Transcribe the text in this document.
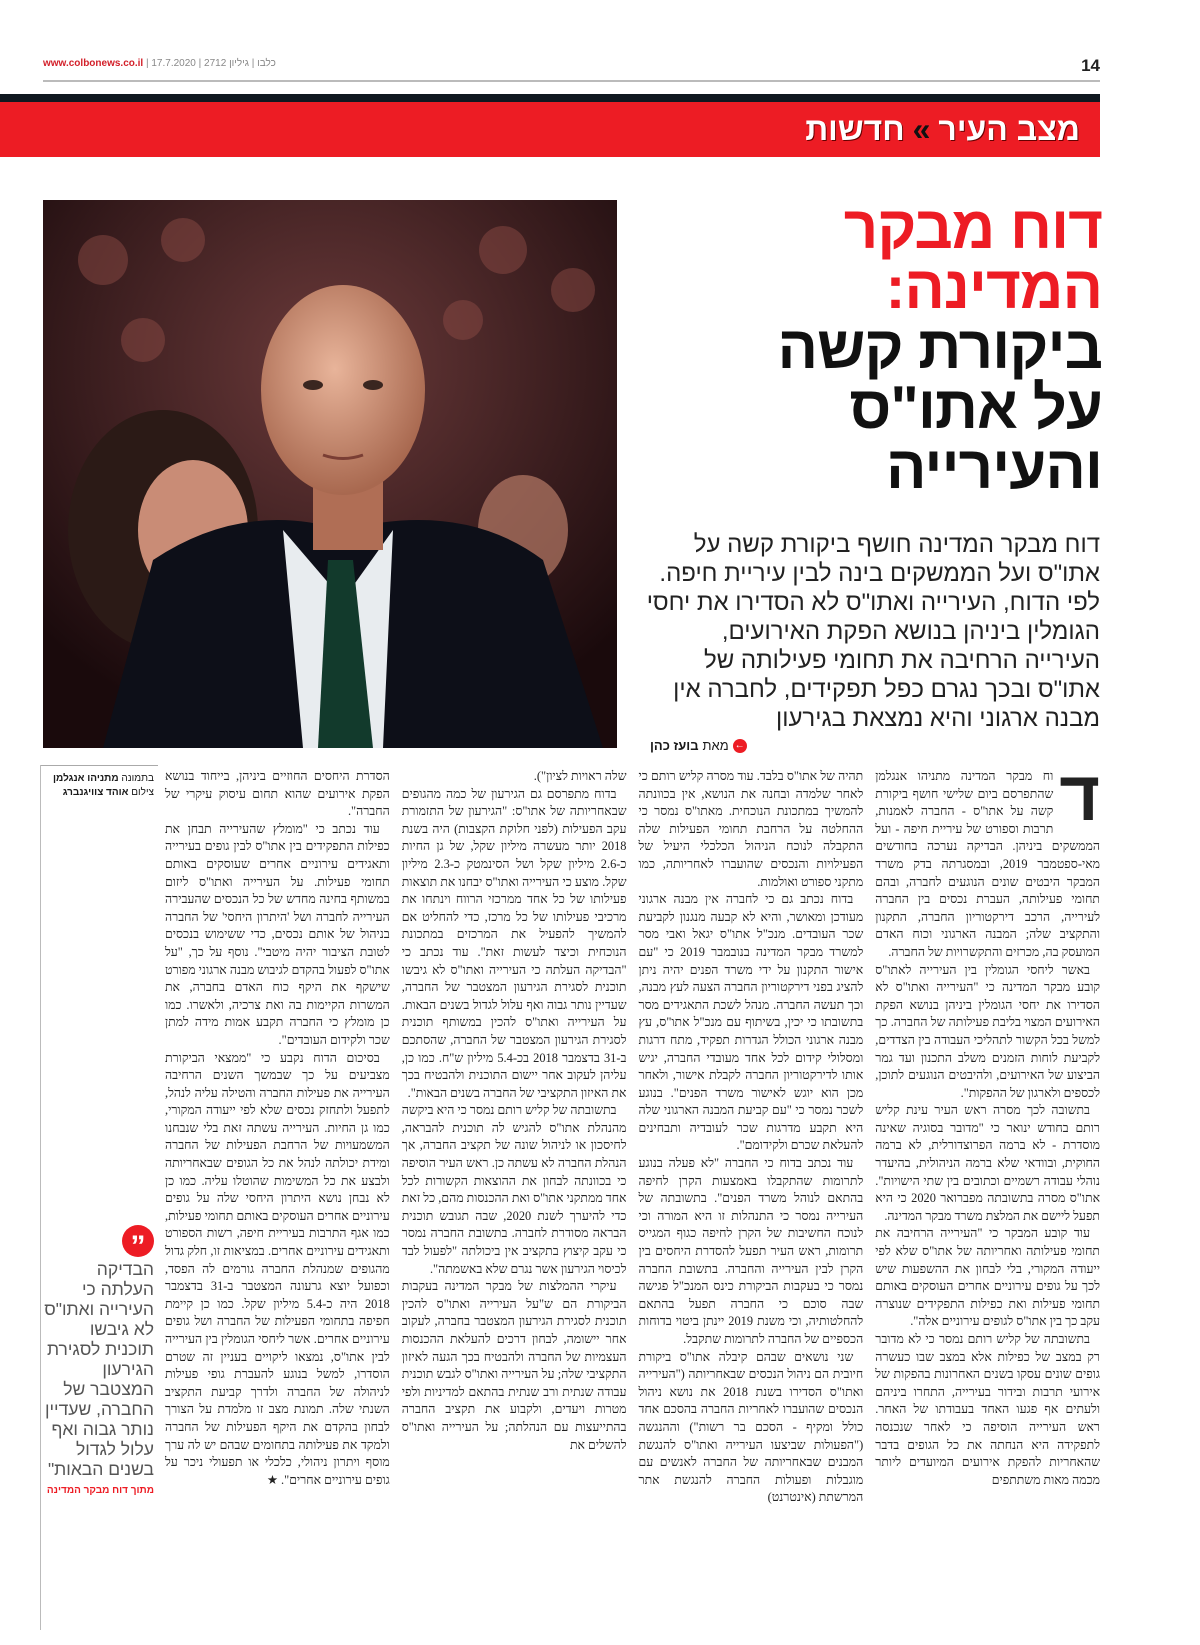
www.colbonews.co.il |	כלבו | גיליון 2712 | 17.7.2020	14
מצב העיר
»
חדשות
דוח מבקר
המדינה:
ביקורת קשה
על אתו"ס
והעירייה
דוח מבקר המדינה חושף ביקורת קשה על אתו"ס ועל הממשקים בינה לבין עיריית חיפה. לפי הדוח, העירייה ואתו"ס לא הסדירו את יחסי הגומלין ביניהן בנושא הפקת האירועים, העירייה הרחיבה את תחומי פעילותה של אתו"ס ובכך נגרם כפל תפקידים, לחברה אין מבנה ארגוני והיא נמצאת בגירעון
←
מאת
בועז כהן
ד

וח מבקר המדינה מתניהו אנגלמן שהתפרסם ביום שלישי חושף ביקורת קשה על אתו"ס - החברה לאמנות, תרבות וספורט של עיריית חיפה - ועל הממשקים ביניהן. הבדיקה נערכה בחודשים מאי-ספטמבר 2019, ובמסגרתה בדק משרד המבקר היבטים שונים הנוגעים לחברה, ובהם תחומי פעילותה, העברת נכסים בין החברה לעירייה, הרכב דירקטוריון החברה, התקנון והתקציב שלה; המבנה הארגוני וכוח האדם המועסק בה, מכרזים והתקשרויות של החברה.

באשר ליחסי הגומלין בין העירייה לאתו"ס קובע מבקר המדינה כי "העירייה ואתו"ס לא הסדירו את יחסי הגומלין ביניהן בנושא הפקת האירועים המצוי בליבת פעילותה של החברה. כך למשל בכל הקשור לתהליכי העבודה בין הצדדים, לקביעת לוחות הזמנים משלב התכנון ועד גמר הביצוע של האירועים, ולהיבטים הנוגעים לתוכן, לכספים ולארגון של ההפקות".

בתשובה לכך מסרה ראש העיר עינת קליש רותם בחודש ינואר כי "מדובר בסוגיה שאינה מוסדרת - לא ברמה הפרוצדורלית, לא ברמה החוקית, ובוודאי שלא ברמה הניהולית, בהיעדר נוהלי עבודה רשמיים וכתובים בין שתי הישויות". אתו"ס מסרה בתשובתה מפברואר 2020 כי היא תפעל ליישם את המלצת משרד מבקר המדינה.

עוד קובע המבקר כי "העירייה הרחיבה את תחומי פעילותה ואחריותה של אתו"ס שלא לפי ייעודה המקורי, בלי לבחון את ההשפעות שיש לכך על גופים עירוניים אחרים העוסקים באותם תחומי פעילות ואת כפילות התפקידים שנוצרה עקב כך בין אתו"ס לגופים עירוניים אלה".

בתשובתה של קליש רותם נמסר כי לא מדובר רק במצב של כפילות אלא במצב שבו כעשרה גופים שונים עסקו בשנים האחרונות בהפקות של אירועי תרבות ובידור בעירייה, התחרו ביניהם ולעתים אף פגעו האחד בעבודתו של האחר. ראש העירייה הוסיפה כי לאחר שנכנסה לתפקידה היא הנחתה את כל הגופים בדבר שהאחריות להפקת אירועים המיועדים ליותר מכמה מאות משתתפים

תהיה של אתו"ס בלבד. עוד מסרה קליש רותם כי לאחר שלמדה ובחנה את הנושא, אין בכוונתה להמשיך במתכונת הנוכחית. מאתו"ס נמסר כי ההחלטה על הרחבת תחומי הפעילות שלה התקבלה לנוכח הניהול הכלכלי היעיל של הפעילויות והנכסים שהועברו לאחריותה, כמו מתקני ספורט ואולמות.

בדוח נכתב גם כי לחברה אין מבנה ארגוני מעודכן ומאושר, והיא לא קבעה מנגנון לקביעת שכר העובדים. מנכ"ל אתו"ס יגאל ואבי מסר למשרד מבקר המדינה בנובמבר 2019 כי "עם אישור התקנון על ידי משרד הפנים יהיה ניתן להציג בפני דירקטוריון החברה הצעה לעץ מבנה, וכך תעשה החברה. מנהל לשכת התאגידים מסר בתשובתו כי יכין, בשיתוף עם מנכ"ל אתו"ס, עץ מבנה ארגוני הכולל הגדרות תפקיד, מתח דרגות ומסלולי קידום לכל אחד מעובדי החברה, יגיש אותו לדירקטוריון החברה לקבלת אישור, ולאחר מכן הוא יוגש לאישור משרד הפנים". בנוגע לשכר נמסר כי "עם קביעת המבנה הארגוני שלה היא תקבע מדרגות שכר לעובדיה ותבחינים להעלאת שכרם ולקידומם".

עוד נכתב בדוח כי החברה "לא פעלה בנוגע לתרומות שהתקבלו באמצעות הקרן לחיפה בהתאם לנוהל משרד הפנים". בתשובתה של העירייה נמסר כי התנהלות זו היא המורה וכי לנוכח החשיבות של הקרן לחיפה כגוף המגייס תרומות, ראש העיר תפעל להסדרת היחסים בין הקרן לבין העירייה והחברה. בתשובת החברה נמסר כי בעקבות הביקורת כינס המנכ"ל פגישה שבה סוכם כי החברה תפעל בהתאם להחלטותיה, וכי משנת 2019 יינתן ביטוי בדוחות הכספיים של החברה לתרומות שתקבל.

שני נושאים שבהם קיבלה אתו"ס ביקורת חיובית הם ניהול הנכסים שבאחריותה ("העירייה ואתו"ס הסדירו בשנת 2018 את נושא ניהול הנכסים שהועברו לאחריות החברה בהסכם אחד כולל ומקיף - הסכם בר רשות") וההנגשה ("הפעולות שביצעו העירייה ואתו"ס להנגשת המבנים שבאחריותה של החברה לאנשים עם מוגבלות ופעולות החברה להנגשת אתר המרשתת (אינטרנט)

שלה ראויות לציון").

בדוח מתפרסם גם הגירעון של כמה מהגופים שבאחריותה של אתו"ס: "הגירעון של התזמורת עקב הפעילות (לפני חלוקת הקצבות) היה בשנת 2018 יותר מעשרה מיליון שקל, של גן החיות כ-2.6 מיליון שקל ושל הסינמטק כ-2.3 מיליון שקל. מוצע כי העירייה ואתו"ס יבחנו את תוצאות פעילותו של כל אחד ממרכזי הרווח וינתחו את מרכיבי פעילותו של כל מרכז, כדי להחליט אם להמשיך להפעיל את המרכזים במתכונת הנוכחית וכיצד לעשות זאת". עוד נכתב כי "הבדיקה העלתה כי העירייה ואתו"ס לא גיבשו תוכנית לסגירת הגירעון המצטבר של החברה, שעדיין נותר גבוה ואף עלול לגדול בשנים הבאות. על העירייה ואתו"ס להכין במשותף תוכנית לסגירת הגירעון המצטבר של החברה, שהסתכם ב-31 בדצמבר 2018 בכ-5.4 מיליון ש"ח. כמו כן, עליהן לעקוב אחר יישום התוכנית ולהבטיח בכך את האיזון התקציבי של החברה בשנים הבאות".

בתשובתה של קליש רותם נמסר כי היא ביקשה מהנהלת אתו"ס להגיש לה תוכנית להבראה, לחיסכון או לניהול שונה של תקציב החברה, אך הנהלת החברה לא עשתה כן. ראש העיר הוסיפה כי בכוונתה לבחון את ההוצאות הקשורות לכל אחד ממתקני אתו"ס ואת ההכנסות מהם, כל זאת כדי להיערך לשנת 2020, שבה תגובש תוכנית הבראה מסודרת לחברה. בתשובת החברה נמסר כי עקב קיצוץ בתקציב אין ביכולתה "לפעול לבד לכיסוי הגירעון אשר נגרם שלא באשמתה".

עיקרי ההמלצות של מבקר המדינה בעקבות הביקורת הם ש"על העירייה ואתו"ס להכין תוכנית לסגירת הגירעון המצטבר בחברה, לעקוב אחר יישומה, לבחון דרכים להעלאת ההכנסות העצמיות של החברה ולהבטיח בכך הגעה לאיזון התקציבי שלה; על העירייה ואתו"ס לגבש תוכנית עבודה שנתית ורב שנתית בהתאם למדיניות ולפי מטרות ויעדים, ולקבוע את תקציב החברה בהתייעצות עם הנהלתה; על העירייה ואתו"ס להשלים את

הסדרת היחסים החוזיים ביניהן, בייחוד בנושא הפקת אירועים שהוא תחום עיסוק עיקרי של החברה".

עוד נכתב כי "מומלץ שהעירייה תבחן את כפילות התפקידים בין אתו"ס לבין גופים בעירייה ותאגידים עירוניים אחרים שעוסקים באותם תחומי פעילות. על העירייה ואתו"ס ליזום במשותף בחינה מחדש של כל הנכסים שהעבירה העירייה לחברה ושל 'היתרון היחסי' של החברה בניהול של אותם נכסים, כדי ששימוש בנכסים לטובת הציבור יהיה מיטבי". נוסף על כך, "על אתו"ס לפעול בהקדם לגיבוש מבנה ארגוני מפורט שישקף את היקף כוח האדם בחברה, את המשרות הקיימות בה ואת צרכיה, ולאשרו. כמו כן מומלץ כי החברה תקבע אמות מידה למתן שכר ולקידום העובדים".

בסיכום הדוח נקבע כי "ממצאי הביקורת מצביעים על כך שבמשך השנים הרחיבה העירייה את פעילות החברה והטילה עליה לנהל, לתפעל ולתחזק נכסים שלא לפי ייעודה המקורי, כמו גן החיות. העירייה עשתה זאת בלי שנבחנו המשמעויות של הרחבת הפעילות של החברה ומידת יכולתה לנהל את כל הגופים שבאחריותה ולבצע את כל המשימות שהוטלו עליה. כמו כן לא נבחן נושא היתרון היחסי שלה על גופים עירוניים אחרים העוסקים באותם תחומי פעילות, כמו אגף התרבות בעיריית חיפה, רשות הספורט ותאגידים עירוניים אחרים. במציאות זו, חלק גדול מהגופים שמנהלת החברה גורמים לה הפסד, וכפועל יוצא גרעונה המצטבר ב-31 בדצמבר 2018 היה כ-5.4 מיליון שקל. כמו כן קיימת חפיפה בתחומי הפעילות של החברה ושל גופים עירוניים אחרים. אשר ליחסי הגומלין בין העירייה לבין אתו"ס, נמצאו ליקויים בעניין זה שטרם הוסדרו, למשל בנוגע להעברת גופי פעילות לניהולה של החברה ולדרך קביעת התקציב השנתי שלה. תמונת מצב זו מלמדת על הצורך לבחון בהקדם את היקף הפעילות של החברה ולמקד את פעילותה בתחומים שבהם יש לה ערך מוסף ויתרון ניהולי, כלכלי או תפעולי ניכר על גופים עירוניים אחרים". ★

בתמונה מתניהו אנגלמן
צילום אוהד צוויגנברג
”
הבדיקה העלתה כי העירייה ואתו"ס לא גיבשו תוכנית לסגירת הגירעון המצטבר של החברה, שעדיין נותר גבוה ואף עלול לגדול בשנים הבאות"
מתוך דוח מבקר המדינה
